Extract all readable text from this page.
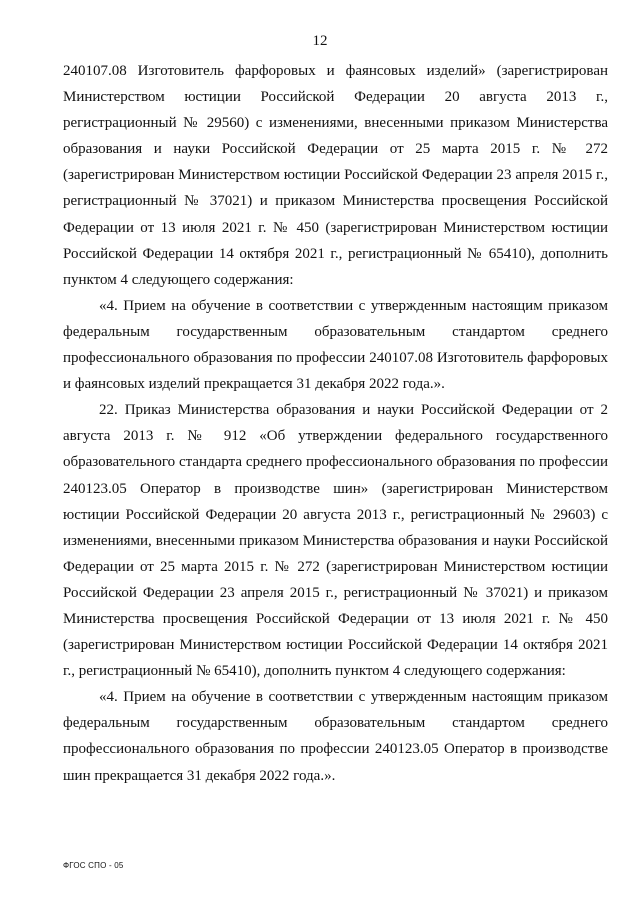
12

240107.08 Изготовитель фарфоровых и фаянсовых изделий» (зарегистрирован Министерством юстиции Российской Федерации 20 августа 2013 г., регистрационный № 29560) с изменениями, внесенными приказом Министерства образования и науки Российской Федерации от 25 марта 2015 г. № 272 (зарегистрирован Министерством юстиции Российской Федерации 23 апреля 2015 г., регистрационный № 37021) и приказом Министерства просвещения Российской Федерации от 13 июля 2021 г. № 450 (зарегистрирован Министерством юстиции Российской Федерации 14 октября 2021 г., регистрационный № 65410), дополнить пунктом 4 следующего содержания:

«4. Прием на обучение в соответствии с утвержденным настоящим приказом федеральным государственным образовательным стандартом среднего профессионального образования по профессии 240107.08 Изготовитель фарфоровых и фаянсовых изделий прекращается 31 декабря 2022 года.».

22. Приказ Министерства образования и науки Российской Федерации от 2 августа 2013 г. № 912 «Об утверждении федерального государственного образовательного стандарта среднего профессионального образования по профессии 240123.05 Оператор в производстве шин» (зарегистрирован Министерством юстиции Российской Федерации 20 августа 2013 г., регистрационный № 29603) с изменениями, внесенными приказом Министерства образования и науки Российской Федерации от 25 марта 2015 г. № 272 (зарегистрирован Министерством юстиции Российской Федерации 23 апреля 2015 г., регистрационный № 37021) и приказом Министерства просвещения Российской Федерации от 13 июля 2021 г. № 450 (зарегистрирован Министерством юстиции Российской Федерации 14 октября 2021 г., регистрационный № 65410), дополнить пунктом 4 следующего содержания:

«4. Прием на обучение в соответствии с утвержденным настоящим приказом федеральным государственным образовательным стандартом среднего профессионального образования по профессии 240123.05 Оператор в производстве шин прекращается 31 декабря 2022 года.».

ФГОС СПО - 05
